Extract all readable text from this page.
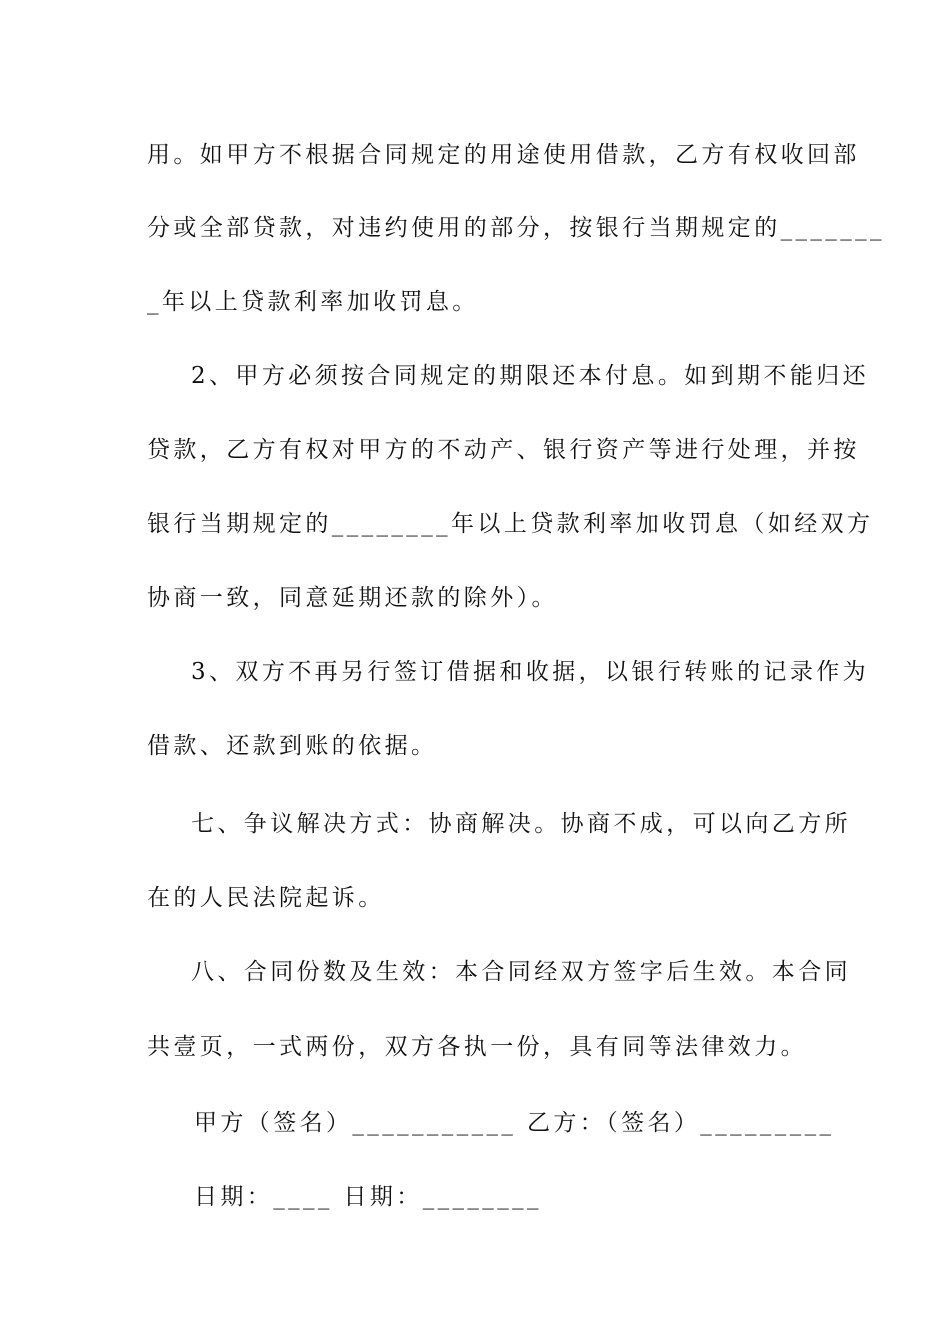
用。如甲方不根据合同规定的用途使用借款，乙方有权收回部
分或全部贷款，对违约使用的部分，按银行当期规定的_______
_年以上贷款利率加收罚息。
2、甲方必须按合同规定的期限还本付息。如到期不能归还
贷款，乙方有权对甲方的不动产、银行资产等进行处理，并按
银行当期规定的________年以上贷款利率加收罚息（如经双方
协商一致，同意延期还款的除外）。
3、双方不再另行签订借据和收据，以银行转账的记录作为
借款、还款到账的依据。
七、争议解决方式：协商解决。协商不成，可以向乙方所
在的人民法院起诉。
八、合同份数及生效：本合同经双方签字后生效。本合同
共壹页，一式两份，双方各执一份，具有同等法律效力。
甲方（签名）___________ 乙方：（签名）_________
日期：____ 日期：________
